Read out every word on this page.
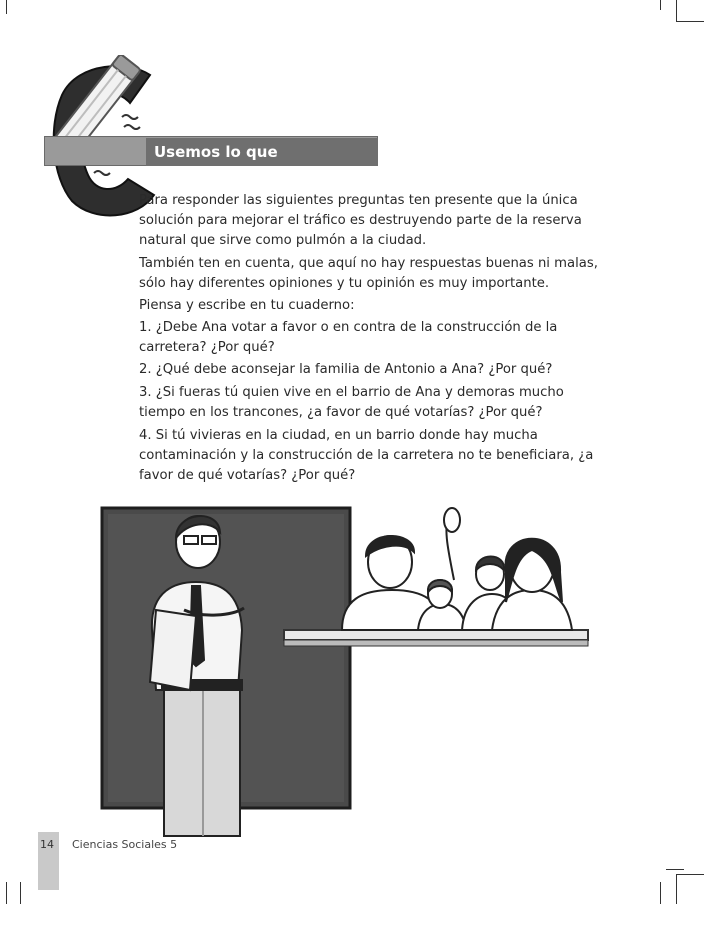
Usemos lo que aprendemos
Para responder las siguientes preguntas ten presente que la única solución para mejorar el tráfico es destruyendo parte de la reserva natural que sirve como pulmón a la ciudad.
También ten en cuenta, que aquí no hay respuestas buenas ni malas, sólo hay diferentes opiniones y tu opinión es muy importante.
Piensa y escribe en tu cuaderno:
1. ¿Debe Ana votar a favor o en contra de la construcción de la carretera? ¿Por qué?
2. ¿Qué debe aconsejar la familia de Antonio a Ana? ¿Por qué?
3. ¿Si fueras tú quien vive en el barrio de Ana y demoras mucho tiempo en los trancones, ¿a favor de qué votarías? ¿Por qué?
4. Si tú vivieras en la ciudad, en un barrio donde hay mucha contaminación y la construcción de la carretera no te beneficiara, ¿a favor de qué votarías? ¿Por qué?
14 Ciencias Sociales 5
